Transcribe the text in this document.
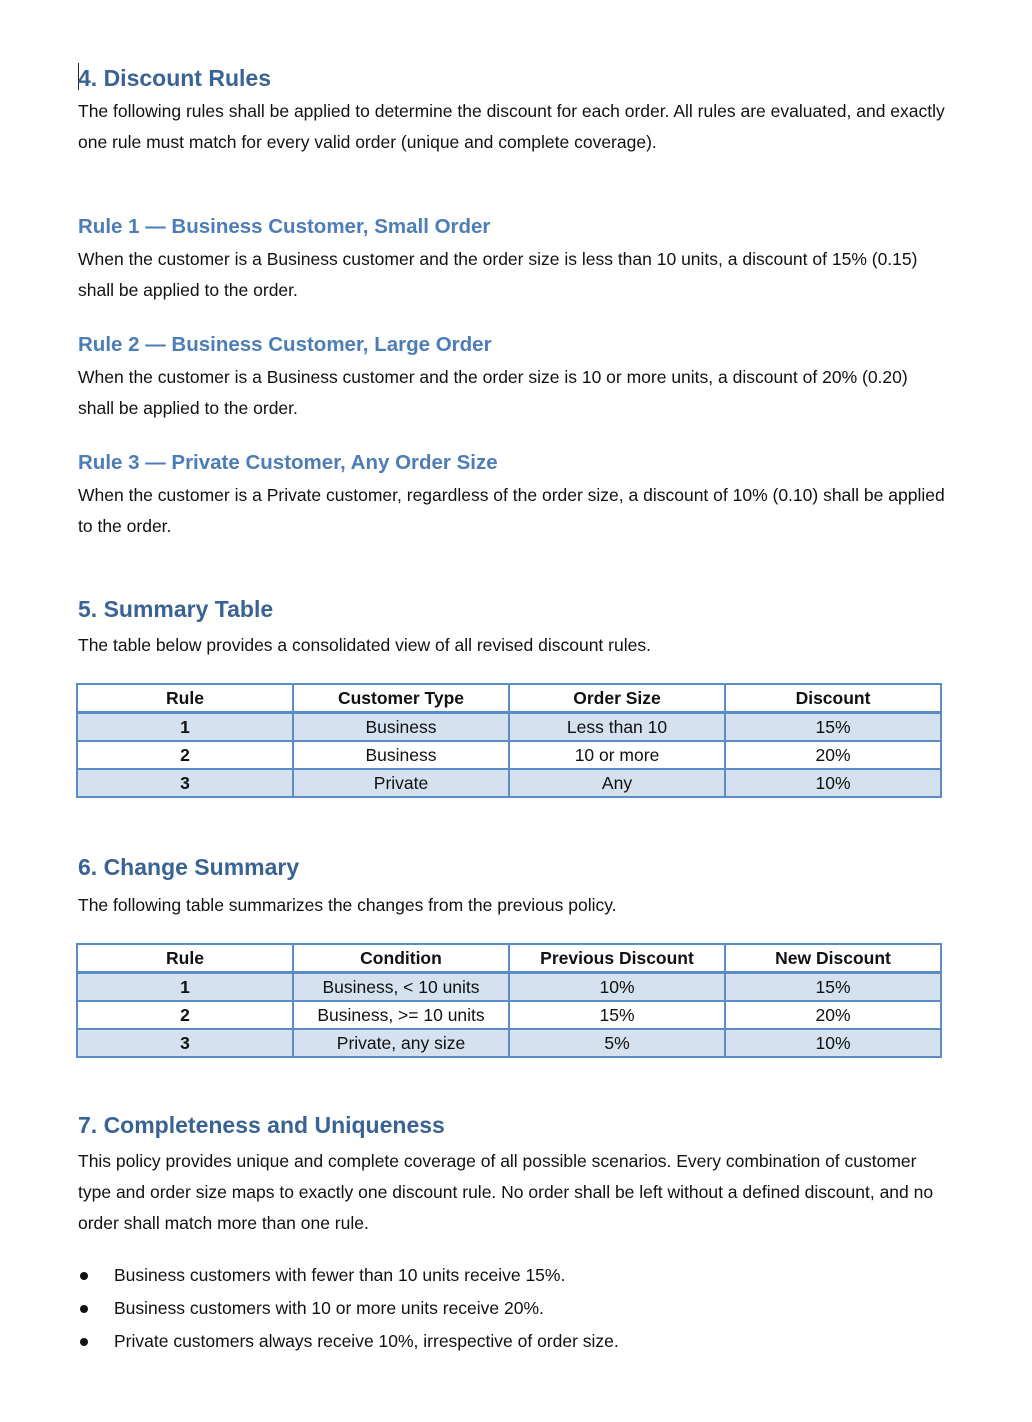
4. Discount Rules

The following rules shall be applied to determine the discount for each order. All rules are evaluated, and exactly one rule must match for every valid order (unique and complete coverage).

Rule 1 — Business Customer, Small Order

When the customer is a Business customer and the order size is less than 10 units, a discount of 15% (0.15) shall be applied to the order.

Rule 2 — Business Customer, Large Order

When the customer is a Business customer and the order size is 10 or more units, a discount of 20% (0.20) shall be applied to the order.

Rule 3 — Private Customer, Any Order Size

When the customer is a Private customer, regardless of the order size, a discount of 10% (0.10) shall be applied to the order.

5. Summary Table

The table below provides a consolidated view of all revised discount rules.

Rule	Customer Type	Order Size	Discount
1	Business	Less than 10	15%
2	Business	10 or more	20%
3	Private	Any	10%
6. Change Summary

The following table summarizes the changes from the previous policy.

Rule	Condition	Previous Discount	New Discount
1	Business, < 10 units	10%	15%
2	Business, >= 10 units	15%	20%
3	Private, any size	5%	10%
7. Completeness and Uniqueness

This policy provides unique and complete coverage of all possible scenarios. Every combination of customer type and order size maps to exactly one discount rule. No order shall be left without a defined discount, and no order shall match more than one rule.

Business customers with fewer than 10 units receive 15%.
Business customers with 10 or more units receive 20%.
Private customers always receive 10%, irrespective of order size.
